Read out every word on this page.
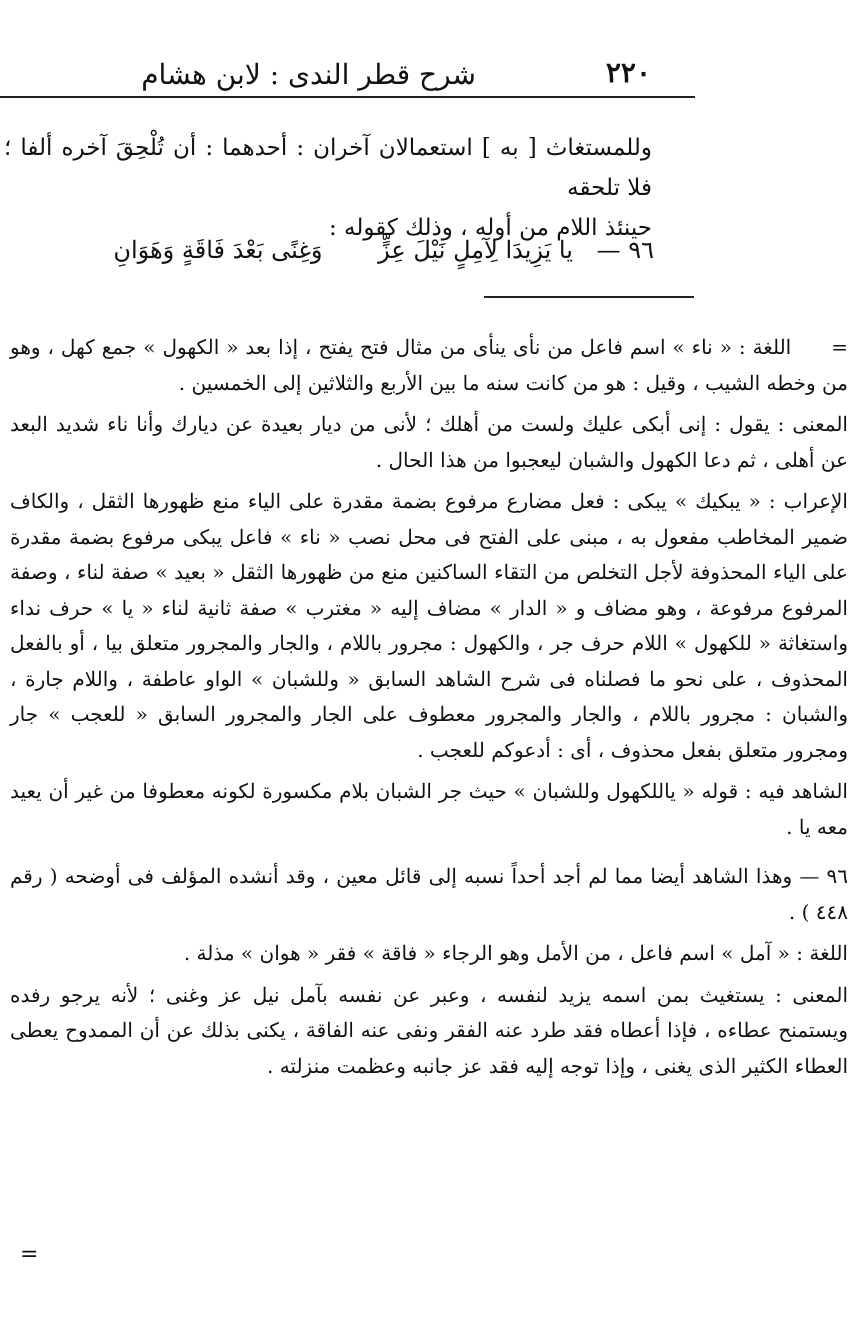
شرح قطر الندى : لابن هشام	٢٢٠

وللمستغاث [ به ] استعمالان آخران : أحدهما : أن تُلْحِقَ آخره ألفا ؛ فلا تلحقه

حينئذ اللام من أوله ، وذلك كقوله :

٩٦ — يا يَزِيدَا لِآمِلٍ نَيْلَ عِزٍّ وَغِنًى بَعْدَ فَاقَةٍ وَهَوَانِ

=اللغة : « ناء » اسم فاعل من نأى ينأى من مثال فتح يفتح ، إذا بعد « الكهول » جمع كهل ، وهو من وخطه الشيب ، وقيل : هو من كانت سنه ما بين الأربع والثلاثين إلى الخمسين .

المعنى : يقول : إنى أبكى عليك ولست من أهلك ؛ لأنى من ديار بعيدة عن ديارك وأنا ناء شديد البعد عن أهلى ، ثم دعا الكهول والشبان ليعجبوا من هذا الحال .

الإعراب : « يبكيك » يبكى : فعل مضارع مرفوع بضمة مقدرة على الياء منع ظهورها الثقل ، والكاف ضمير المخاطب مفعول به ، مبنى على الفتح فى محل نصب « ناء » فاعل يبكى مرفوع بضمة مقدرة على الياء المحذوفة لأجل التخلص من التقاء الساكنين منع من ظهورها الثقل « بعيد » صفة لناء ، وصفة المرفوع مرفوعة ، وهو مضاف و « الدار » مضاف إليه « مغترب » صفة ثانية لناء « يا » حرف نداء واستغاثة « للكهول » اللام حرف جر ، والكهول : مجرور باللام ، والجار والمجرور متعلق بيا ، أو بالفعل المحذوف ، على نحو ما فصلناه فى شرح الشاهد السابق « وللشبان » الواو عاطفة ، واللام جارة ، والشبان : مجرور باللام ، والجار والمجرور معطوف على الجار والمجرور السابق « للعجب » جار ومجرور متعلق بفعل محذوف ، أى : أدعوكم للعجب .

الشاهد فيه : قوله « ياللكهول وللشبان » حيث جر الشبان بلام مكسورة لكونه معطوفا من غير أن يعيد معه يا .

٩٦ — وهذا الشاهد أيضا مما لم أجد أحداً نسبه إلى قائل معين ، وقد أنشده المؤلف فى أوضحه ( رقم ٤٤٨ ) .

اللغة : « آمل » اسم فاعل ، من الأمل وهو الرجاء « فاقة » فقر « هوان » مذلة .

المعنى : يستغيث بمن اسمه يزيد لنفسه ، وعبر عن نفسه بآمل نيل عز وغنى ؛ لأنه يرجو رفده ويستمنح عطاءه ، فإذا أعطاه فقد طرد عنه الفقر ونفى عنه الفاقة ، يكنى بذلك عن أن الممدوح يعطى العطاء الكثير الذى يغنى ، وإذا توجه إليه فقد عز جانبه وعظمت منزلته .

=
